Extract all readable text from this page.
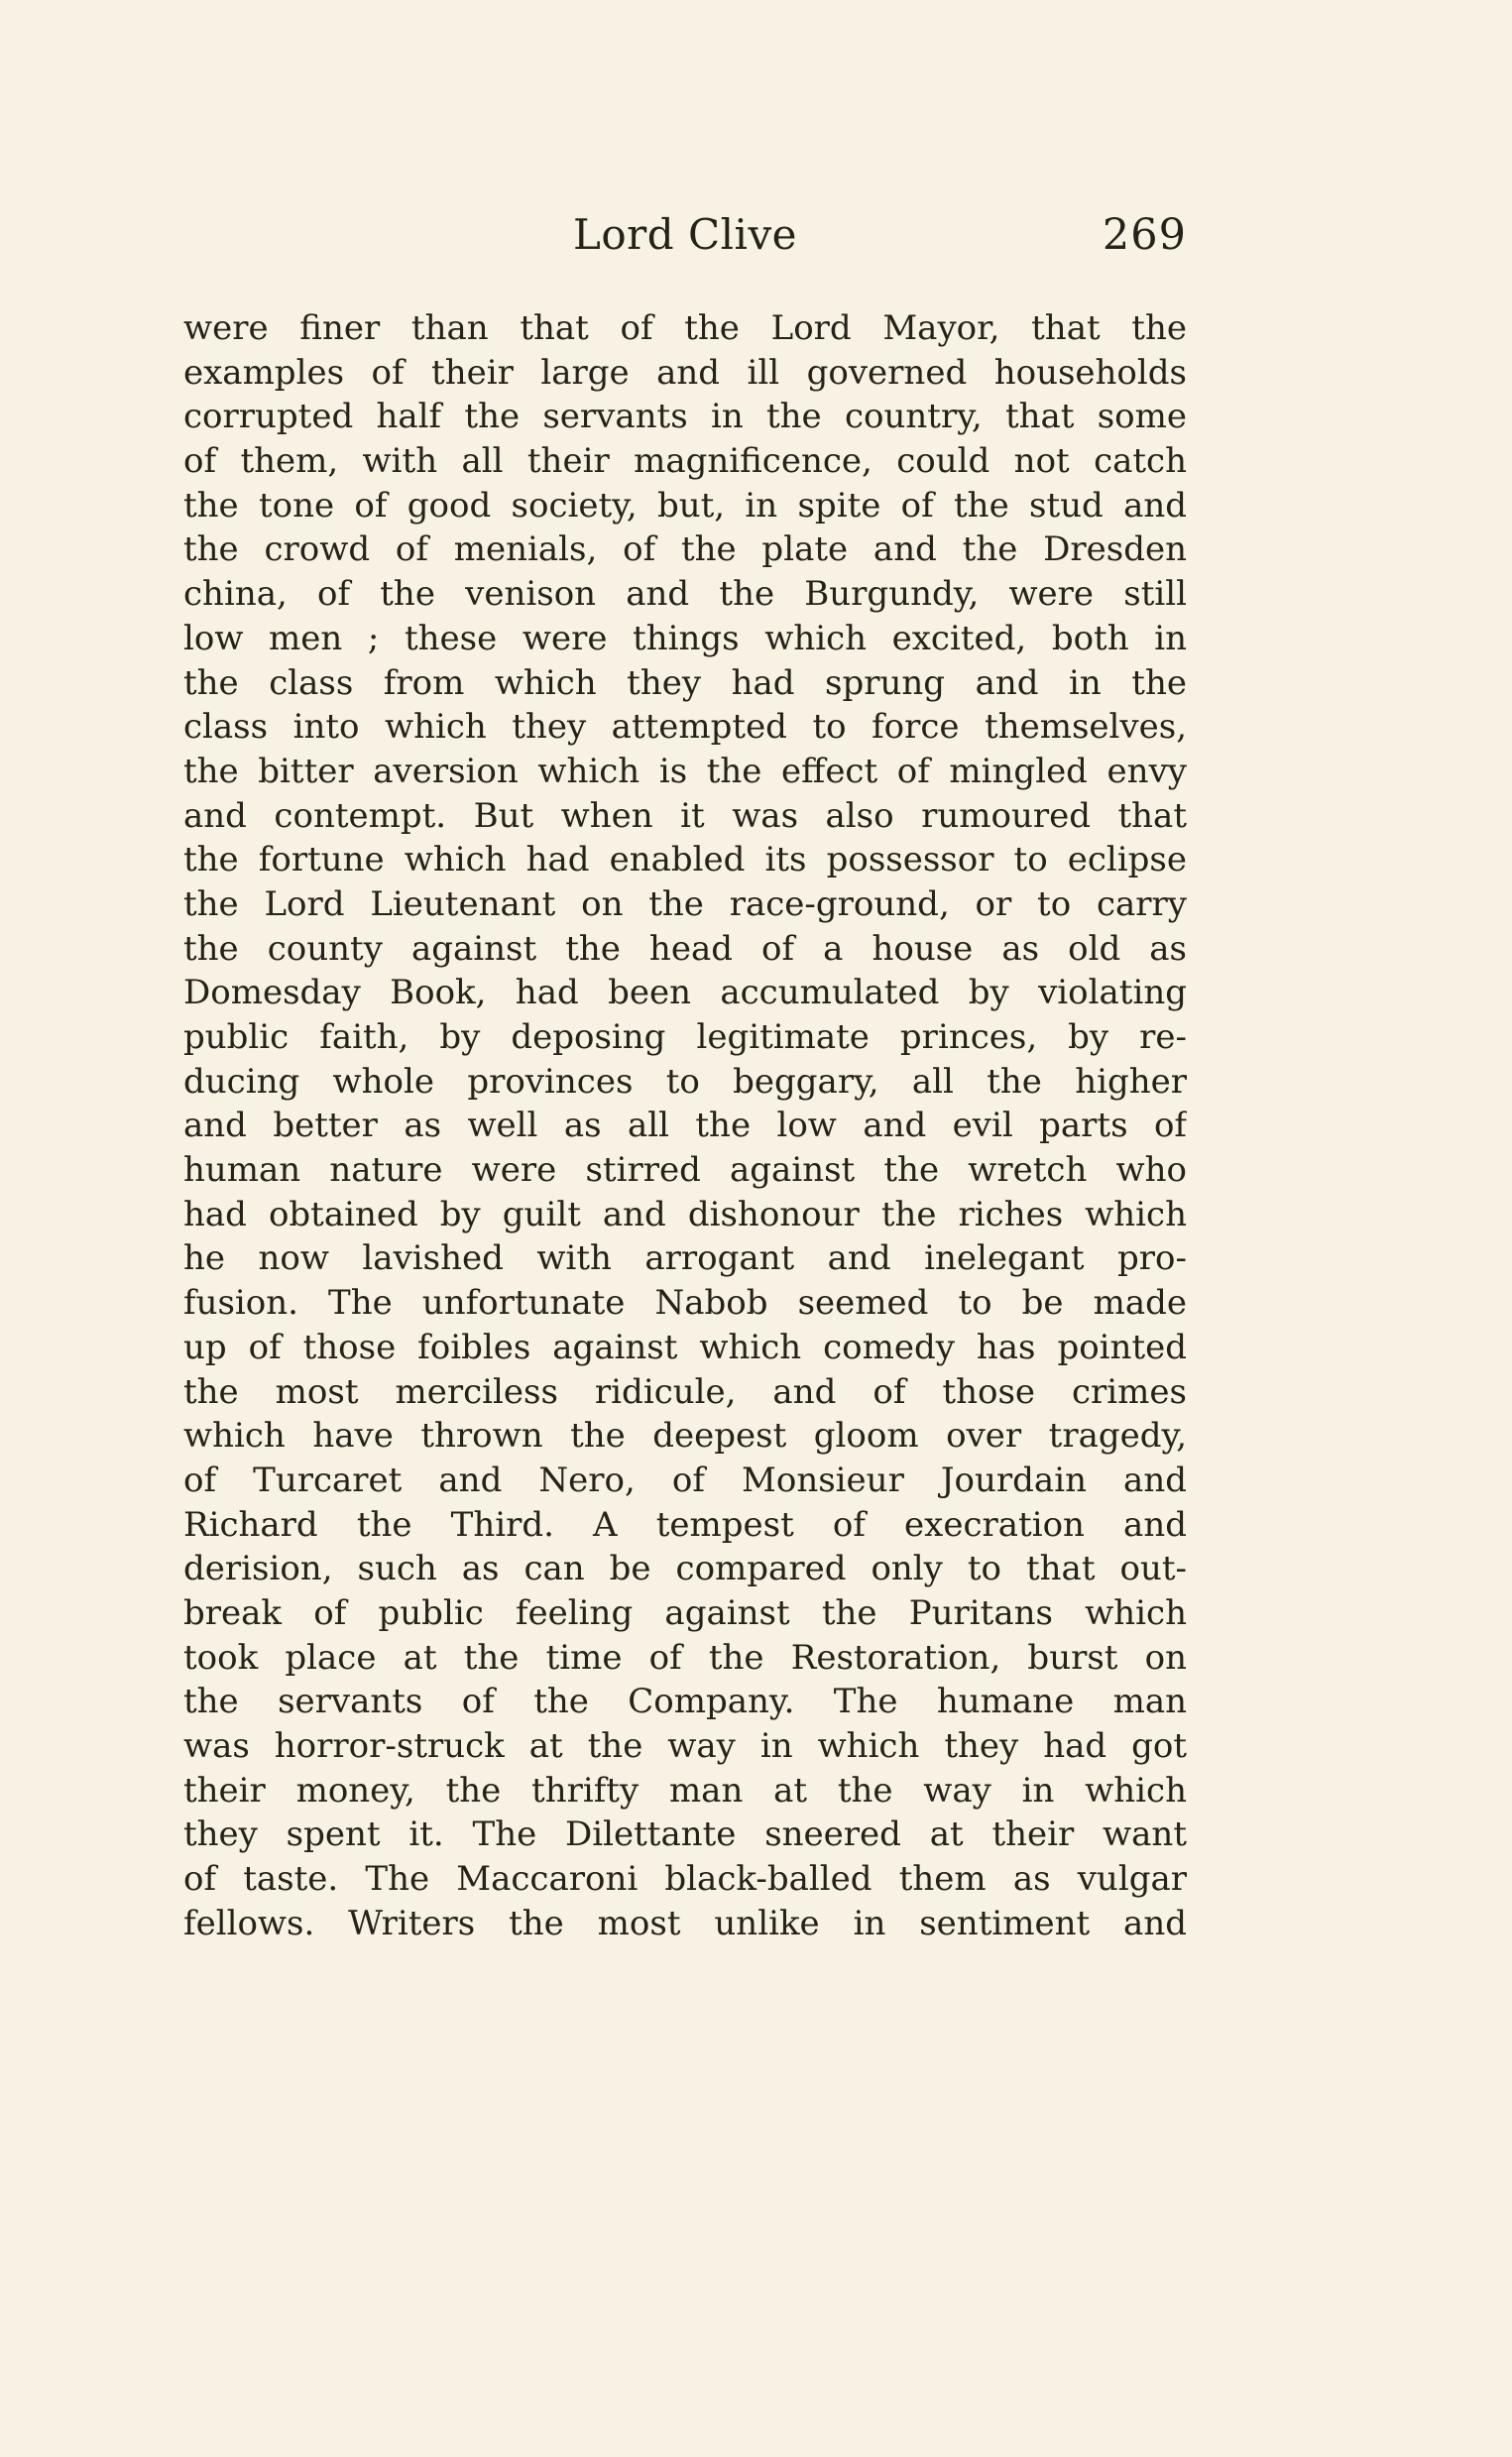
Lord Clive	269
were finer than that of the Lord Mayor, that the
examples of their large and ill governed households
corrupted half the servants in the country, that some
of them, with all their magnificence, could not catch
the tone of good society, but, in spite of the stud and
the crowd of menials, of the plate and the Dresden
china, of the venison and the Burgundy, were still
low men ; these were things which excited, both in
the class from which they had sprung and in the
class into which they attempted to force themselves,
the bitter aversion which is the effect of mingled envy
and contempt. But when it was also rumoured that
the fortune which had enabled its possessor to eclipse
the Lord Lieutenant on the race-ground, or to carry
the county against the head of a house as old as
Domesday Book, had been accumulated by violating
public faith, by deposing legitimate princes, by re-
ducing whole provinces to beggary, all the higher
and better as well as all the low and evil parts of
human nature were stirred against the wretch who
had obtained by guilt and dishonour the riches which
he now lavished with arrogant and inelegant pro-
fusion. The unfortunate Nabob seemed to be made
up of those foibles against which comedy has pointed
the most merciless ridicule, and of those crimes
which have thrown the deepest gloom over tragedy,
of Turcaret and Nero, of Monsieur Jourdain and
Richard the Third. A tempest of execration and
derision, such as can be compared only to that out-
break of public feeling against the Puritans which
took place at the time of the Restoration, burst on
the servants of the Company. The humane man
was horror-struck at the way in which they had got
their money, the thrifty man at the way in which
they spent it. The Dilettante sneered at their want
of taste. The Maccaroni black-balled them as vulgar
fellows. Writers the most unlike in sentiment and
